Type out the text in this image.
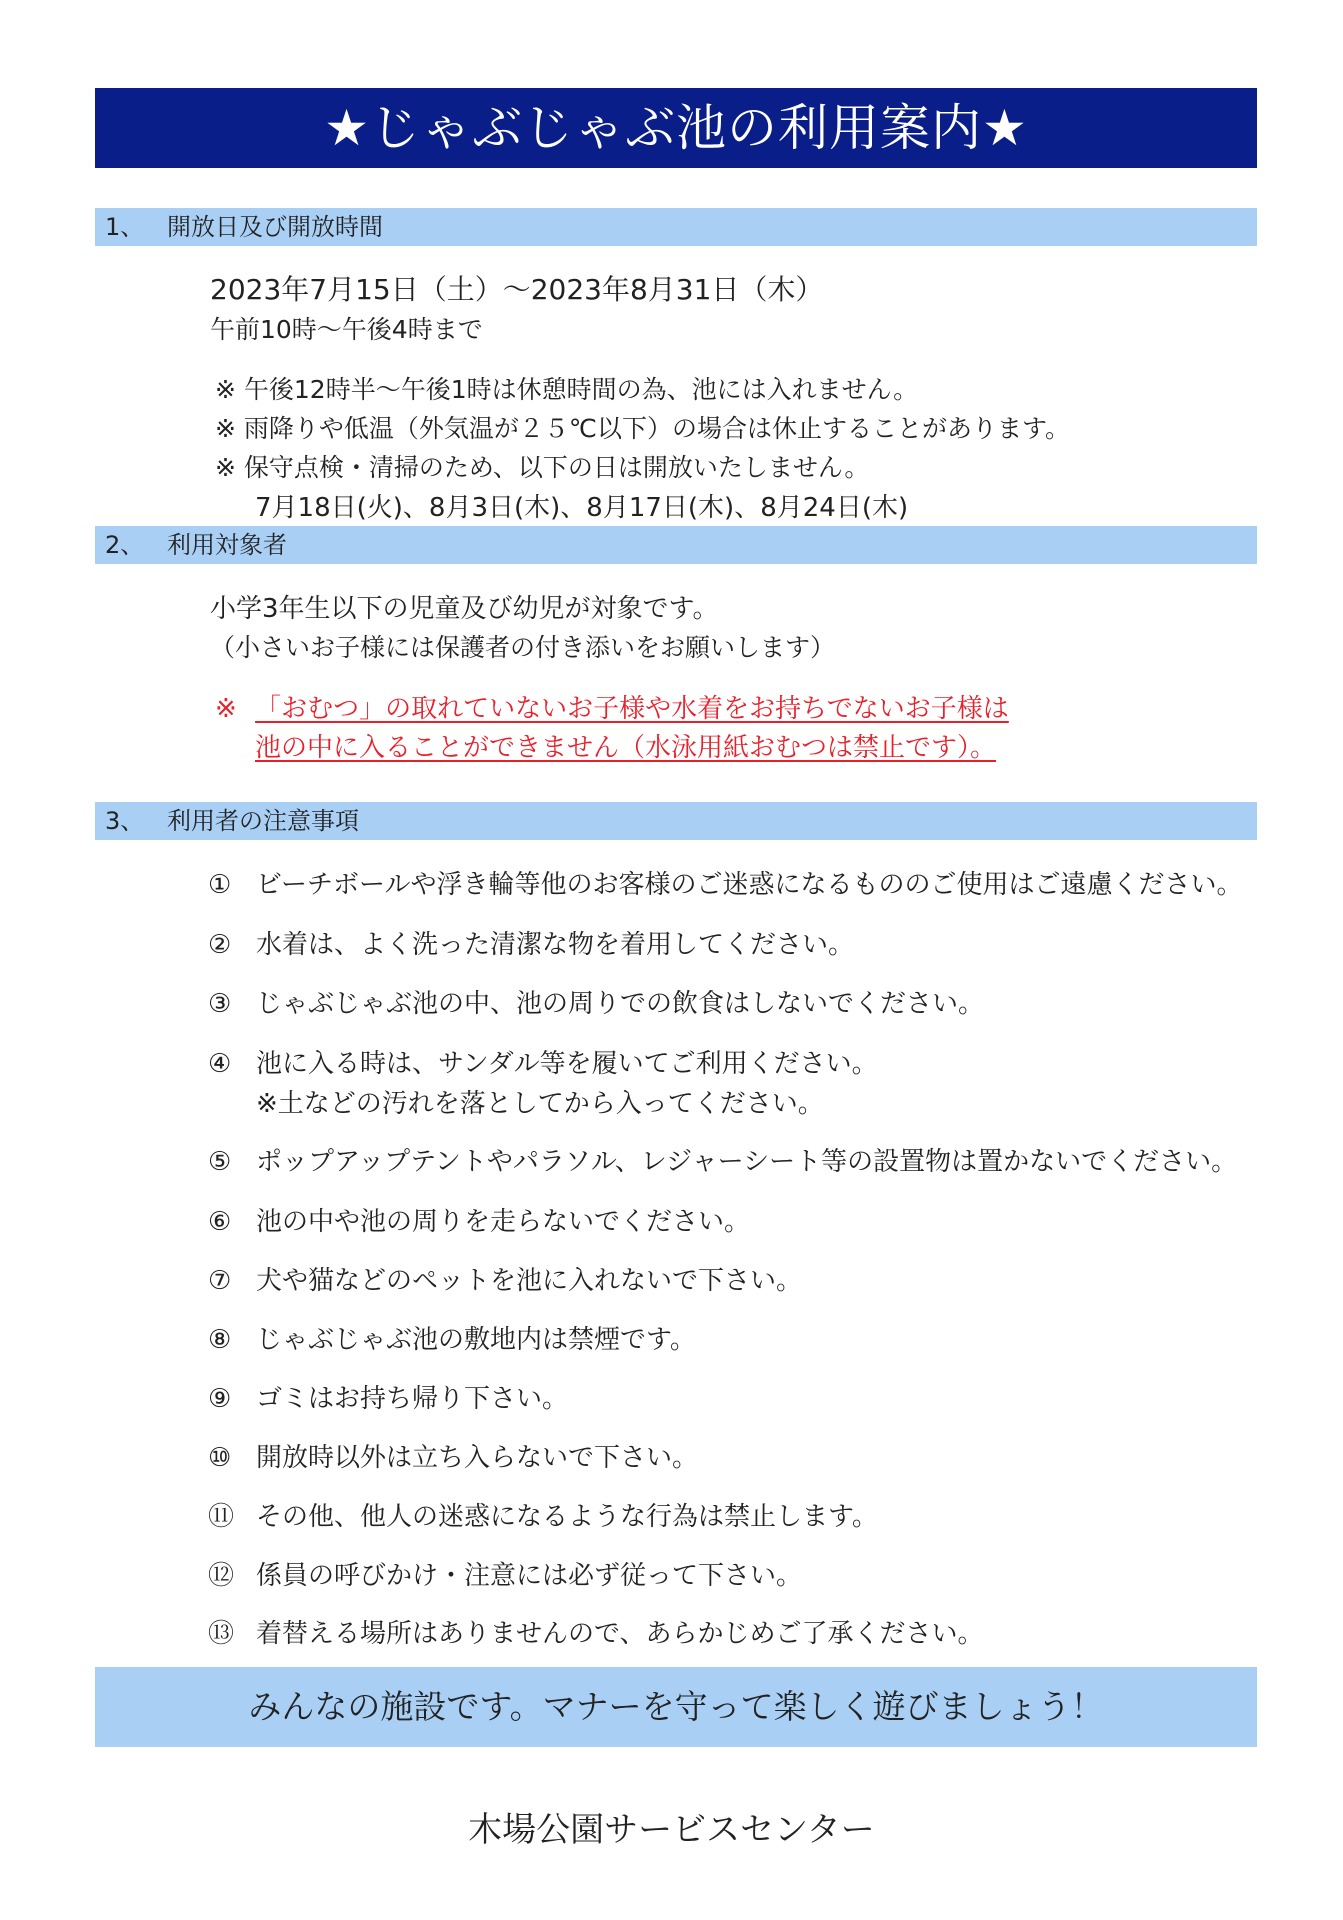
★じゃぶじゃぶ池の利用案内★
1、 開放日及び開放時間
2023年7月15日（土）〜2023年8月31日（木）
午前10時〜午後4時まで
※ 午後12時半〜午後1時は休憩時間の為、池には入れません。
※ 雨降りや低温（外気温が２５℃以下）の場合は休止することがあります。
※ 保守点検・清掃のため、以下の日は開放いたしません。
7月18日(火)、8月3日(木)、8月17日(木)、8月24日(木)
2、 利用対象者
小学3年生以下の児童及び幼児が対象です。
（小さいお子様には保護者の付き添いをお願いします）
※ 「おむつ」の取れていないお子様や水着をお持ちでないお子様は
池の中に入ることができません（水泳用紙おむつは禁止です）。
3、 利用者の注意事項
① ビーチボールや浮き輪等他のお客様のご迷惑になるもののご使用はご遠慮ください。
② 水着は、よく洗った清潔な物を着用してください。
③ じゃぶじゃぶ池の中、池の周りでの飲食はしないでください。
④ 池に入る時は、サンダル等を履いてご利用ください。
※土などの汚れを落としてから入ってください。
⑤ ポップアップテントやパラソル、レジャーシート等の設置物は置かないでください。
⑥ 池の中や池の周りを走らないでください。
⑦ 犬や猫などのペットを池に入れないで下さい。
⑧ じゃぶじゃぶ池の敷地内は禁煙です。
⑨ ゴミはお持ち帰り下さい。
⑩ 開放時以外は立ち入らないで下さい。
⑪ その他、他人の迷惑になるような行為は禁止します。
⑫ 係員の呼びかけ・注意には必ず従って下さい。
⑬ 着替える場所はありませんので、あらかじめご了承ください。
みんなの施設です。マナーを守って楽しく遊びましょう！
木場公園サービスセンター
